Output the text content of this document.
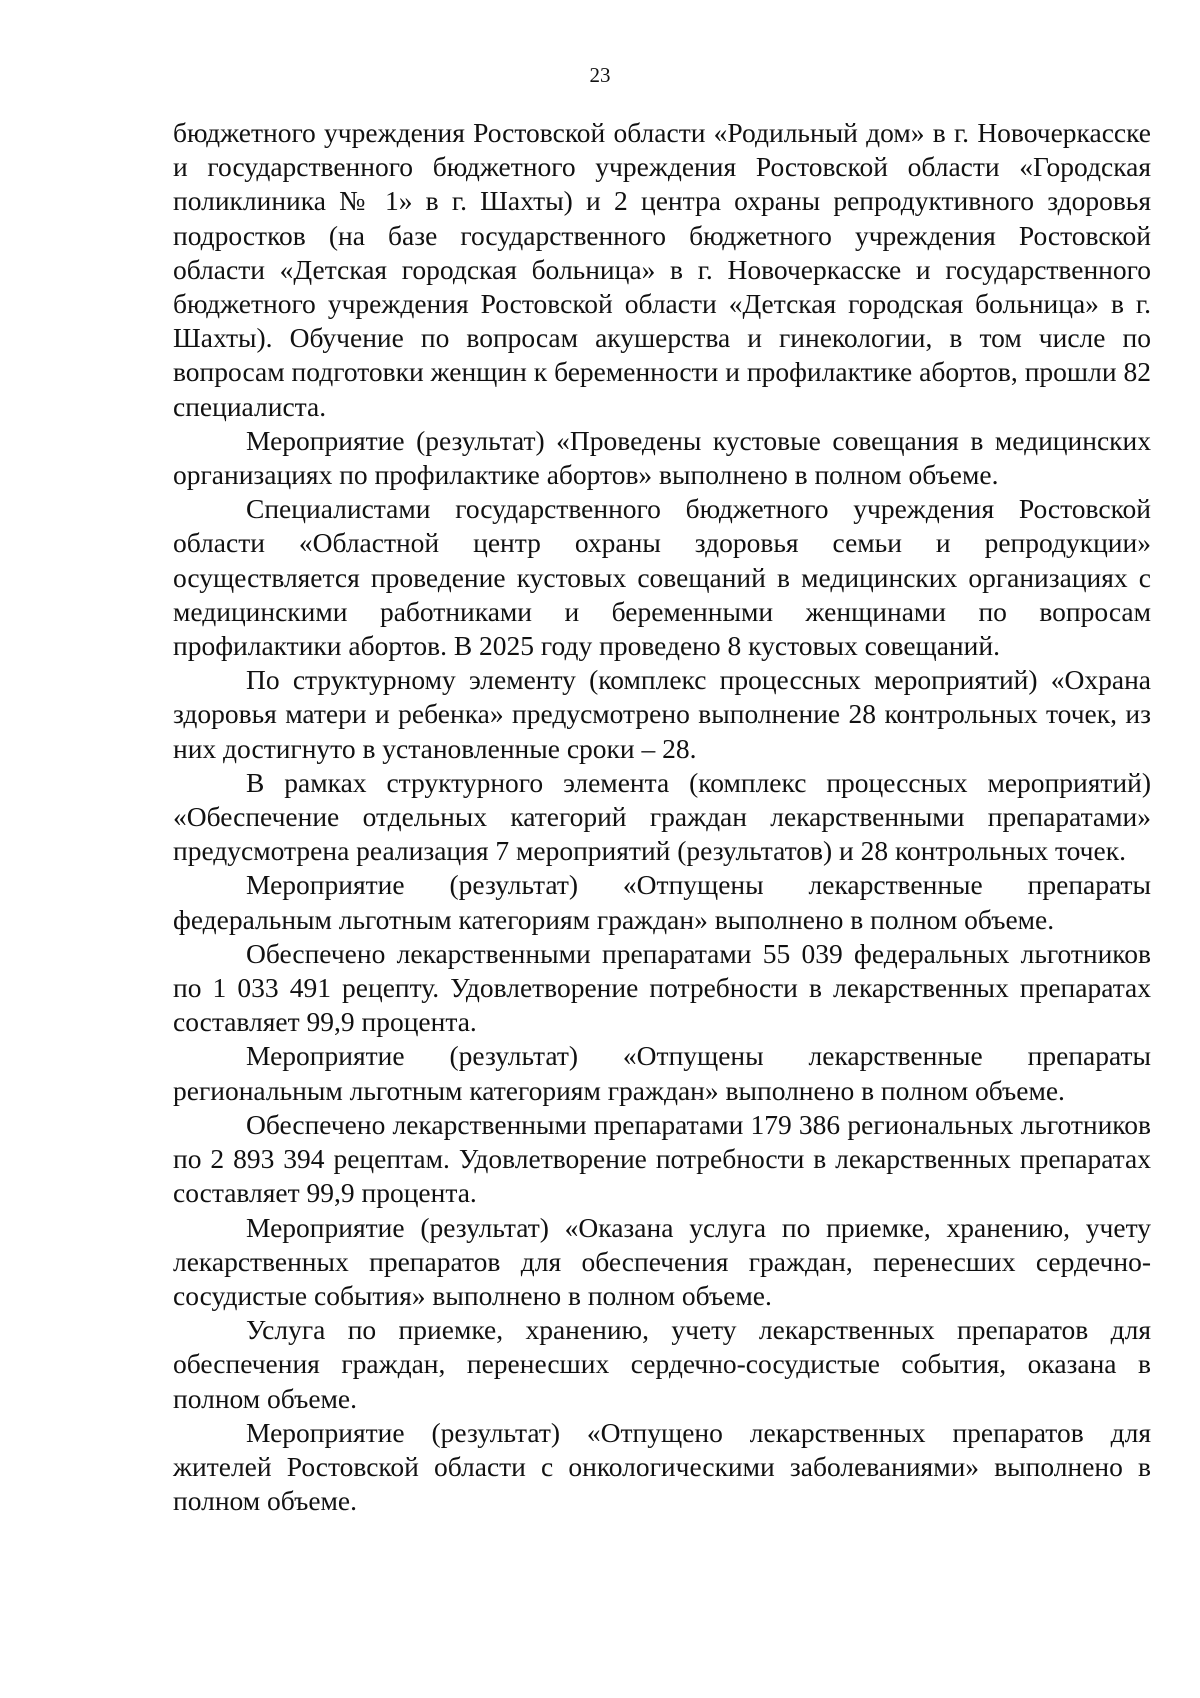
23

бюджетного учреждения Ростовской области «Родильный дом» в г. Новочеркасске и государственного бюджетного учреждения Ростовской области «Городская поликлиника № 1» в г. Шахты) и 2 центра охраны репродуктивного здоровья подростков (на базе государственного бюджетного учреждения Ростовской области «Детская городская больница» в г. Новочеркасске и государственного бюджетного учреждения Ростовской области «Детская городская больница» в г. Шахты). Обучение по вопросам акушерства и гинекологии, в том числе по вопросам подготовки женщин к беременности и профилактике абортов, прошли 82 специалиста.

Мероприятие (результат) «Проведены кустовые совещания в медицинских организациях по профилактике абортов» выполнено в полном объеме.

Специалистами государственного бюджетного учреждения Ростовской области «Областной центр охраны здоровья семьи и репродукции» осуществляется проведение кустовых совещаний в медицинских организациях с медицинскими работниками и беременными женщинами по вопросам профилактики абортов. В 2025 году проведено 8 кустовых совещаний.

По структурному элементу (комплекс процессных мероприятий) «Охрана здоровья матери и ребенка» предусмотрено выполнение 28 контрольных точек, из них достигнуто в установленные сроки – 28.

В рамках структурного элемента (комплекс процессных мероприятий) «Обеспечение отдельных категорий граждан лекарственными препаратами» предусмотрена реализация 7 мероприятий (результатов) и 28 контрольных точек.

Мероприятие (результат) «Отпущены лекарственные препараты федеральным льготным категориям граждан» выполнено в полном объеме.

Обеспечено лекарственными препаратами 55 039 федеральных льготников по 1 033 491 рецепту. Удовлетворение потребности в лекарственных препаратах составляет 99,9 процента.

Мероприятие (результат) «Отпущены лекарственные препараты региональным льготным категориям граждан» выполнено в полном объеме.

Обеспечено лекарственными препаратами 179 386 региональных льготников по 2 893 394 рецептам. Удовлетворение потребности в лекарственных препаратах составляет 99,9 процента.

Мероприятие (результат) «Оказана услуга по приемке, хранению, учету лекарственных препаратов для обеспечения граждан, перенесших сердечно-сосудистые события» выполнено в полном объеме.

Услуга по приемке, хранению, учету лекарственных препаратов для обеспечения граждан, перенесших сердечно-сосудистые события, оказана в полном объеме.

Мероприятие (результат) «Отпущено лекарственных препаратов для жителей Ростовской области с онкологическими заболеваниями» выполнено в полном объеме.
